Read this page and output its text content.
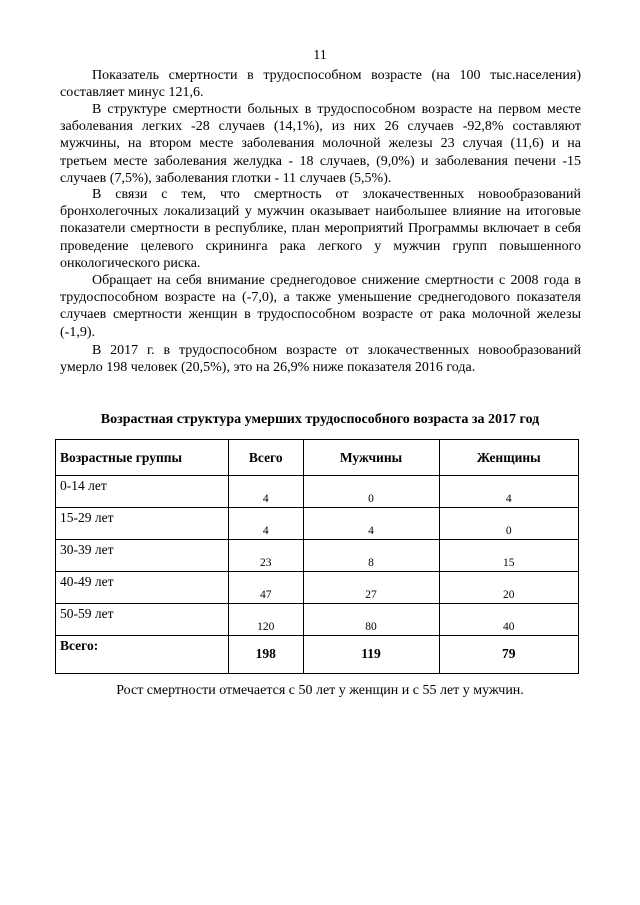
11

Показатель смертности в трудоспособном возрасте (на 100 тыс.населения) составляет минус 121,6.

В структуре смертности больных в трудоспособном возрасте на первом месте заболевания легких -28 случаев (14,1%), из них 26 случаев -92,8% составляют мужчины, на втором месте заболевания молочной железы 23 случая (11,6) и на третьем месте заболевания желудка - 18 случаев, (9,0%) и заболевания печени -15 случаев (7,5%), заболевания глотки - 11 случаев (5,5%).

В связи с тем, что смертность от злокачественных новообразований бронхолегочных локализаций у мужчин оказывает наибольшее влияние на итоговые показатели смертности в республике, план мероприятий Программы включает в себя проведение целевого скрининга рака легкого у мужчин групп повышенного онкологического риска.

Обращает на себя внимание среднегодовое снижение смертности с 2008 года в трудоспособном возрасте на (-7,0), а также уменьшение среднегодового показателя случаев смертности женщин в трудоспособном возрасте от рака молочной железы (-1,9).

В 2017 г. в трудоспособном возрасте от злокачественных новообразований умерло 198 человек (20,5%), это на 26,9% ниже показателя 2016 года.

Возрастная структура умерших трудоспособного возраста за 2017 год
Возрастные группы	Всего	Мужчины	Женщины
0-14 лет	4	0	4
15-29 лет	4	4	0
30-39 лет	23	8	15
40-49 лет	47	27	20
50-59 лет	120	80	40
Всего:	198	119	79
Рост смертности отмечается с 50 лет у женщин и с 55 лет у мужчин.
